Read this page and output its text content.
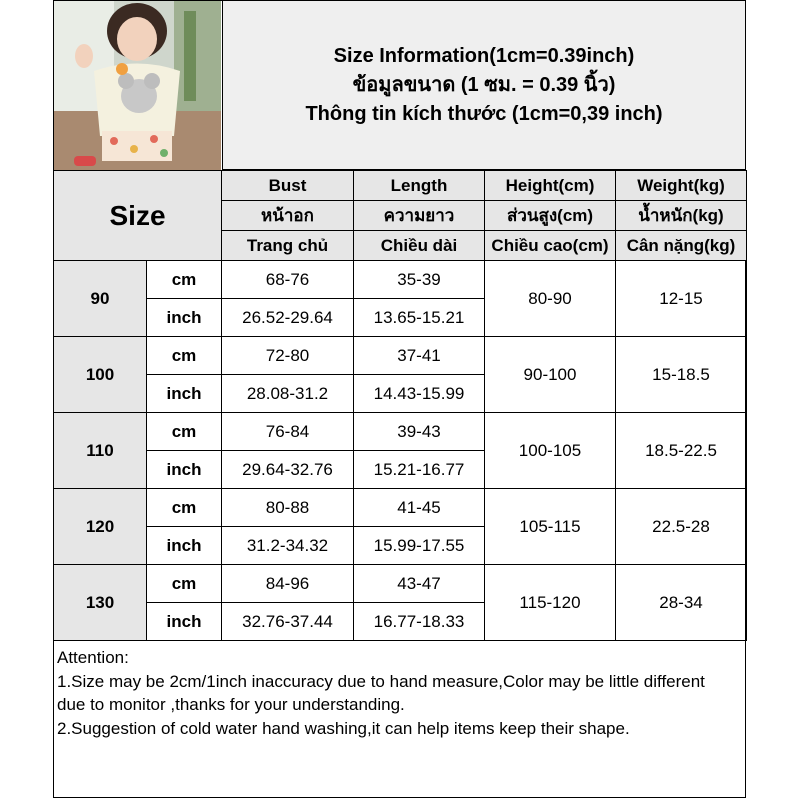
Size Information(1cm=0.39inch)
ข้อมูลขนาด (1 ซม. = 0.39 นิ้ว)
Thông tin kích thước (1cm=0,39 inch)
Size		Bust	Length	Height(cm)	Weight(kg)
		หน้าอก	ความยาว	ส่วนสูง(cm)	น้ำหนัก(kg)
		Trang chủ	Chiều dài	Chiều cao(cm)	Cân nặng(kg)
90	cm	68-76	35-39	80-90	12-15
	inch	26.52-29.64	13.65-15.21		
100	cm	72-80	37-41	90-100	15-18.5
	inch	28.08-31.2	14.43-15.99		
110	cm	76-84	39-43	100-105	18.5-22.5
	inch	29.64-32.76	15.21-16.77		
120	cm	80-88	41-45	105-115	22.5-28
	inch	31.2-34.32	15.99-17.55		
130	cm	84-96	43-47	115-120	28-34
	inch	32.76-37.44	16.77-18.33		
Attention:
1.Size may be 2cm/1inch inaccuracy due to hand measure,Color may be little different
due to monitor ,thanks for your understanding.
2.Suggestion of cold water hand washing,it can help items keep their shape.
